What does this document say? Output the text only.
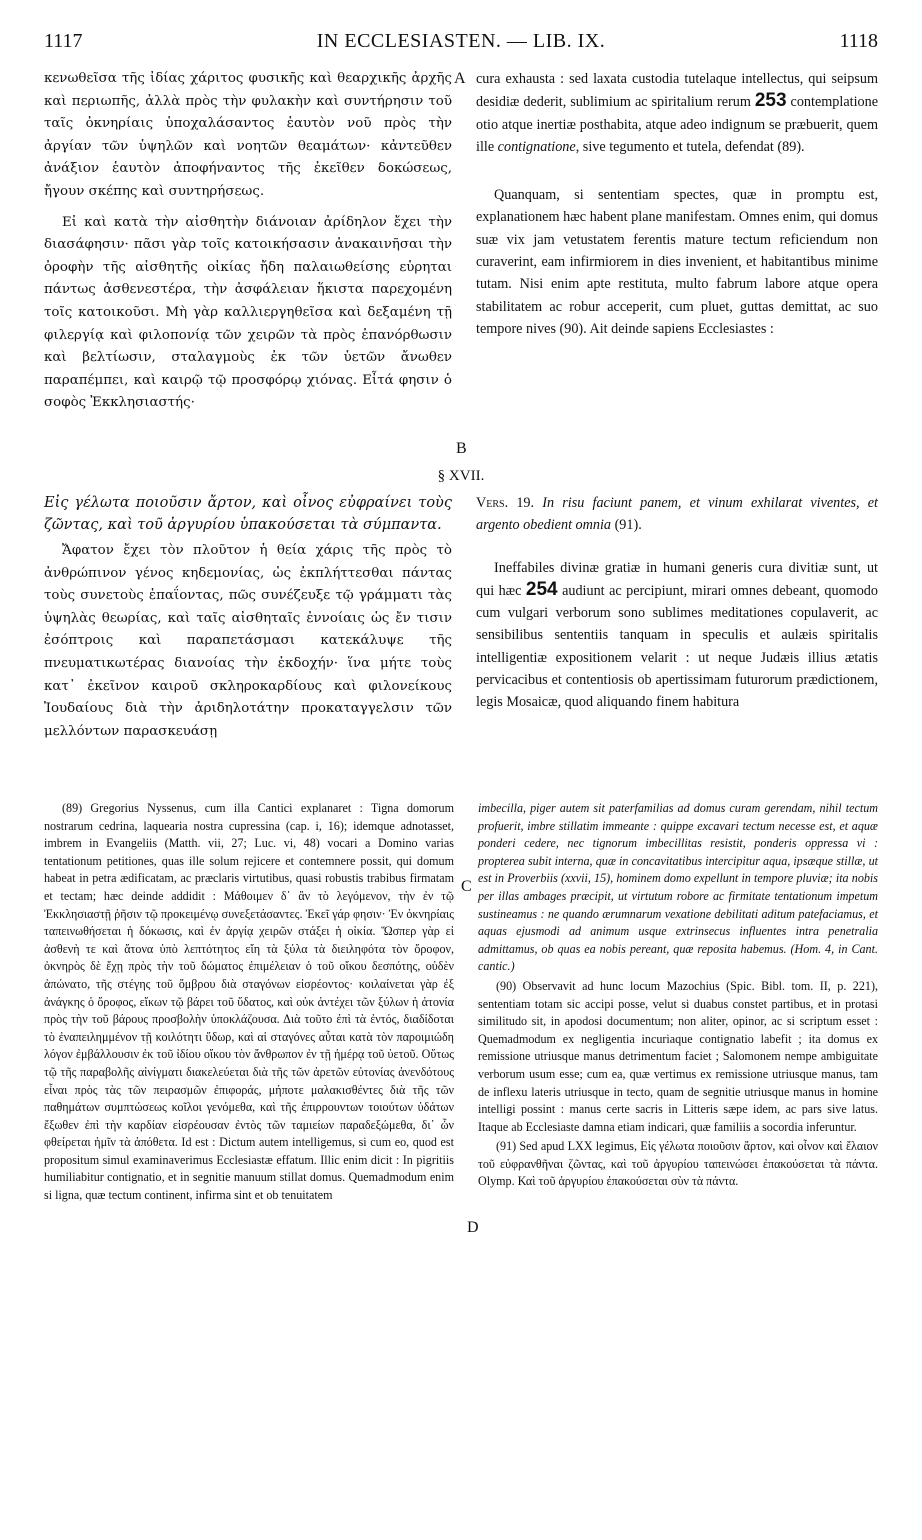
1117	IN ECCLESIASTEN. — LIB. IX.	1118

κενωθεῖσα τῆς ἰδίας χάριτος φυσικῆς καὶ θεαρχικῆς ἀρχῆς καὶ περιωπῆς, ἀλλὰ πρὸς τὴν φυλακὴν καὶ συντήρησιν τοῦ ταῖς ὀκνηρίαις ὑποχαλάσαντος ἑαυτὸν νοῦ πρὸς τὴν ἀργίαν τῶν ὑψηλῶν καὶ νοητῶν θεαμάτων· κἀντεῦθεν ἀνάξιον ἑαυτὸν ἀποφήναντος τῆς ἐκεῖθεν δοκώσεως, ἤγουν σκέπης καὶ συντηρήσεως.

Εἰ καὶ κατὰ τὴν αἰσθητὴν διάνοιαν ἀρίδηλον ἔχει τὴν διασάφησιν· πᾶσι γὰρ τοῖς κατοικήσασιν ἀνακαινῆσαι τὴν ὀροφὴν τῆς αἰσθητῆς οἰκίας ἤδη παλαιωθείσης εὑρηται πάντως ἀσθενεστέρα, τὴν ἀσφάλειαν ἥκιστα παρεχομένη τοῖς κατοικοῦσι. Μὴ γὰρ καλλιεργηθεῖσα καὶ δεξαμένη τῇ φιλεργίᾳ καὶ φιλοπονίᾳ τῶν χειρῶν τὰ πρὸς ἐπανόρθωσιν καὶ βελτίωσιν, σταλαγμοὺς ἐκ τῶν ὑετῶν ἄνωθεν παραπέμπει, καὶ καιρῷ τῷ προσφόρῳ χιόνας. Εἶτά φησιν ὁ σοφὸς Ἐκκλησιαστής·

cura exhausta : sed laxata custodia tutelaque intellectus, qui seipsum desidiæ dederit, sublimium ac spiritalium rerum 253 contemplatione otio atque inertiæ posthabita, atque adeo indignum se præbuerit, quem ille contignatione, sive tegumento et tutela, defendat (89).

Quanquam, si sententiam spectes, quæ in promptu est, explanationem hæc habent plane manifestam. Omnes enim, qui domus suæ vix jam vetustatem ferentis mature tectum reficiendum non curaverint, eam infirmiorem in dies invenient, et habitantibus minime tutam. Nisi enim apte restituta, multo fabrum labore atque opera stabilitatem ac robur acceperit, cum pluet, guttas demittat, ac suo tempore nives (90). Ait deinde sapiens Ecclesiastes :

A
B
§ XVII.

Εἰς γέλωτα ποιοῦσιν ἄρτον, καὶ οἶνος εὐφραίνει τοὺς ζῶντας, καὶ τοῦ ἀργυρίου ὑπακούσεται τὰ σύμπαντα.

Ἄφατον ἔχει τὸν πλοῦτον ἡ θεία χάρις τῆς πρὸς τὸ ἀνθρώπινον γένος κηδεμονίας, ὡς ἐκπλήττεσθαι πάντας τοὺς συνετοὺς ἐπαΐοντας, πῶς συνέζευξε τῷ γράμματι τὰς ὑψηλὰς θεωρίας, καὶ ταῖς αἰσθηταῖς ἐννοίαις ὡς ἔν τισιν ἐσόπτροις καὶ παραπετάσμασι κατεκάλυψε τῆς πνευματικωτέρας διανοίας τὴν ἐκδοχήν· ἵνα μήτε τοὺς κατ᾽ ἐκεῖνον καιροῦ σκληροκαρδίους καὶ φιλονείκους Ἰουδαίους διὰ τὴν ἀριδηλοτάτην προκαταγγελσιν τῶν μελλόντων παρασκευάσῃ

Vers. 19. In risu faciunt panem, et vinum exhilarat viventes, et argento obedient omnia (91).

Ineffabiles divinæ gratiæ in humani generis cura divitiæ sunt, ut qui hæc 254 audiunt ac percipiunt, mirari omnes debeant, quomodo cum vulgari verborum sono sublimes meditationes copulaverit, ac sensibilibus sententiis tanquam in speculis et aulæis spiritalis intelligentiæ expositionem velarit : ut neque Judæis illius ætatis pervicacibus et contentiosis ob apertissimam futurorum prædictionem, legis Mosaicæ, quod aliquando finem habitura

(89) Gregorius Nyssenus, cum illa Cantici explanaret : Tigna domorum nostrarum cedrina, laquearia nostra cupressina (cap. i, 16); idemque adnotasset, imbrem in Evangeliis (Matth. vii, 27; Luc. vi, 48) vocari a Domino varias tentationum petitiones, quas ille solum rejicere et contemnere possit, qui domum habeat in petra ædificatam, ac præclaris virtutibus, quasi robustis trabibus firmatam et tectam; hæc deinde addidit : Μάθοιμεν δ᾽ ἂν τὸ λεγόμενον, τὴν ἐν τῷ Ἐκκλησιαστῇ ῥῆσιν τῷ προκειμένῳ συνεξετάσαντες. Ἐκεῖ γάρ φησιν· Ἐν ὀκνηρίαις ταπεινωθήσεται ἡ δόκωσις, καὶ ἐν ἀργίᾳ χειρῶν στάξει ἡ οἰκία. Ὥσπερ γὰρ εἰ ἀσθενὴ τε καὶ ἄτονα ὑπὸ λεπτότητος εἴη τὰ ξύλα τὰ διειληφότα τὸν ὄροφον, ὀκνηρὸς δὲ ἔχῃ πρὸς τὴν τοῦ δώματος ἐπιμέλειαν ὁ τοῦ οἴκου δεσπότης, οὐδὲν ἀπώνατο, τῆς στέγης τοῦ ὄμβρου διὰ σταγόνων εἰσρέοντος· κοιλαίνεται γὰρ ἐξ ἀνάγκης ὁ ὄροφος, εἴκων τῷ βάρει τοῦ ὕδατος, καὶ οὐκ ἀντέχει τῶν ξύλων ἡ ἀτονία πρὸς τὴν τοῦ βάρους προσβολὴν ὑποκλάζουσα. Διὰ τοῦτο ἐπὶ τὰ ἐντός, διαδίδοται τὸ ἐναπειλημμένον τῇ κοιλότητι ὕδωρ, καὶ αἱ σταγόνες αὗται κατὰ τὸν παροιμιώδη λόγον ἐμβάλλουσιν ἐκ τοῦ ἰδίου οἴκου τὸν ἄνθρωπον ἐν τῇ ἡμέρᾳ τοῦ ὑετοῦ. Οὕτως τῷ τῆς παραβολῆς αἰνίγματι διακελεύεται διὰ τῆς τῶν ἀρετῶν εὐτονίας ἀνενδότους εἶναι πρὸς τὰς τῶν πειρασμῶν ἐπιφοράς, μήποτε μαλακισθέντες διὰ τῆς τῶν παθημάτων συμπτώσεως κοῖλοι γενόμεθα, καὶ τῆς ἐπιρρουντων τοιούτων ὑδάτων ἔξωθεν ἐπὶ τὴν καρδίαν εἰσρέουσαν ἐντὸς τῶν ταμιείων παραδεξώμεθα, δι᾽ ὧν φθείρεται ἡμῖν τὰ ἀπόθετα. Id est : Dictum autem intelligemus, si cum eo, quod est propositum simul examinaverimus Ecclesiastæ effatum. Illic enim dicit : In pigritiis humiliabitur contignatio, et in segnitie manuum stillat domus. Quemadmodum enim si ligna, quæ tectum continent, infirma sint et ob tenuitatem

C
D

imbecilla, piger autem sit paterfamilias ad domus curam gerendam, nihil tectum profuerit, imbre stillatim immeante : quippe excavari tectum necesse est, et aquæ ponderi cedere, nec tignorum imbecillitas resistit, ponderis oppressa vi : propterea subit interna, quæ in concavitatibus intercipitur aqua, ipsæque stillæ, ut est in Proverbiis (xxvii, 15), hominem domo expellunt in tempore pluviæ; ita nobis per illas ambages præcipit, ut virtutum robore ac firmitate tentationum impetum sustineamus : ne quando ærumnarum vexatione debilitati aditum patefaciamus, et aquas ejusmodi ad animum usque extrinsecus influentes intra penetralia admittamus, ob quas ea nobis pereant, quæ reposita habemus. (Hom. 4, in Cant. cantic.)

(90) Observavit ad hunc locum Mazochius (Spic. Bibl. tom. II, p. 221), sententiam totam sic accipi posse, velut si duabus constet partibus, et in protasi similitudo sit, in apodosi documentum; non aliter, opinor, ac si scriptum esset : Quemadmodum ex negligentia incuriaque contignatio labefit ; ita domus ex remissione utriusque manus detrimentum faciet ; Salomonem nempe ambiguitate verborum usum esse; cum ea, quæ vertimus ex remissione utriusque manus, tam de inflexu lateris utriusque in tecto, quam de segnitie utriusque manus in homine intelligi possint : manus certe sacris in Litteris sæpe idem, ac pars sive latus. Itaque ab Ecclesiaste damna etiam indicari, quæ familiis a socordia inferuntur.

(91) Sed apud LXX legimus, Εἰς γέλωτα ποιοῦσιν ἄρτον, καὶ οἶνον καὶ ἔλαιον τοῦ εὐφρανθῆναι ζῶντας, καὶ τοῦ ἀργυρίου ταπεινώσει ἐπακούσεται τὰ πάντα. Olymp. Καὶ τοῦ ἀργυρίου ἐπακούσεται σὺν τὰ πάντα.
